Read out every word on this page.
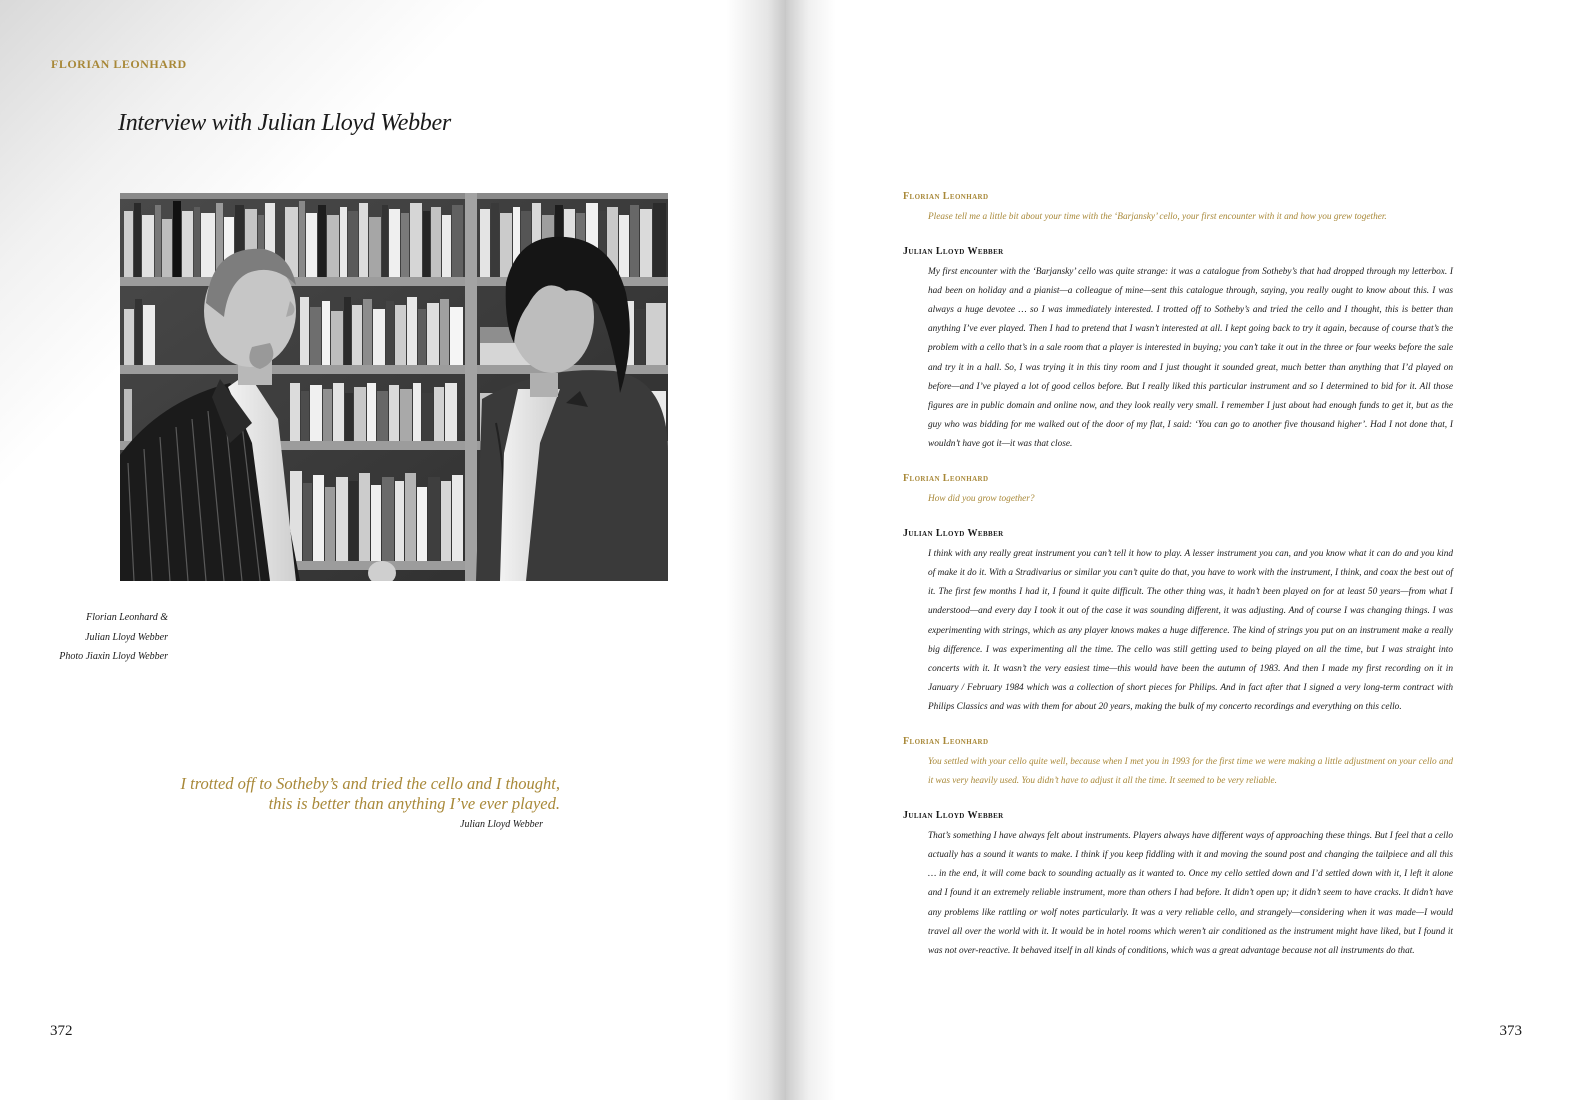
FLORIAN LEONHARD
Interview with Julian Lloyd Webber
Florian Leonhard &
Julian Lloyd Webber
Photo Jiaxin Lloyd Webber
I trotted off to Sotheby’s and tried the cello and I thought,
this is better than anything I’ve ever played.
Julian Lloyd Webber
372
Florian Leonhard
Please tell me a little bit about your time with the ‘Barjansky’ cello, your first encounter with it and how you grew together.
Julian Lloyd Webber
My first encounter with the ‘Barjansky’ cello was quite strange: it was a catalogue from Sotheby’s that had dropped through my letterbox. I had been on holiday and a pianist—a colleague of mine—sent this catalogue through, saying, you really ought to know about this. I was always a huge devotee … so I was immediately interested. I trotted off to Sotheby’s and tried the cello and I thought, this is better than anything I’ve ever played. Then I had to pretend that I wasn’t interested at all. I kept going back to try it again, because of course that’s the problem with a cello that’s in a sale room that a player is interested in buying; you can’t take it out in the three or four weeks before the sale and try it in a hall. So, I was trying it in this tiny room and I just thought it sounded great, much better than anything that I’d played on before—and I’ve played a lot of good cellos before. But I really liked this particular instrument and so I determined to bid for it. All those figures are in public domain and online now, and they look really very small. I remember I just about had enough funds to get it, but as the guy who was bidding for me walked out of the door of my flat, I said: ‘You can go to another five thousand higher’. Had I not done that, I wouldn’t have got it—it was that close.
Florian Leonhard
How did you grow together?
Julian Lloyd Webber
I think with any really great instrument you can’t tell it how to play. A lesser instrument you can, and you know what it can do and you kind of make it do it. With a Stradivarius or similar you can’t quite do that, you have to work with the instrument, I think, and coax the best out of it. The first few months I had it, I found it quite difficult. The other thing was, it hadn’t been played on for at least 50 years—from what I understood—and every day I took it out of the case it was sounding different, it was adjusting. And of course I was changing things. I was experimenting with strings, which as any player knows makes a huge difference. The kind of strings you put on an instrument make a really big difference. I was experimenting all the time. The cello was still getting used to being played on all the time, but I was straight into concerts with it. It wasn’t the very easiest time—this would have been the autumn of 1983. And then I made my first recording on it in January / February 1984 which was a collection of short pieces for Philips. And in fact after that I signed a very long-term contract with Philips Classics and was with them for about 20 years, making the bulk of my concerto recordings and everything on this cello.
Florian Leonhard
You settled with your cello quite well, because when I met you in 1993 for the first time we were making a little adjustment on your cello and it was very heavily used. You didn’t have to adjust it all the time. It seemed to be very reliable.
Julian Lloyd Webber
That’s something I have always felt about instruments. Players always have different ways of approaching these things. But I feel that a cello actually has a sound it wants to make. I think if you keep fiddling with it and moving the sound post and changing the tailpiece and all this … in the end, it will come back to sounding actually as it wanted to. Once my cello settled down and I’d settled down with it, I left it alone and I found it an extremely reliable instrument, more than others I had before. It didn’t open up; it didn’t seem to have cracks. It didn’t have any problems like rattling or wolf notes particularly. It was a very reliable cello, and strangely—considering when it was made—I would travel all over the world with it. It would be in hotel rooms which weren’t air conditioned as the instrument might have liked, but I found it was not over-reactive. It behaved itself in all kinds of conditions, which was a great advantage because not all instruments do that.
373
